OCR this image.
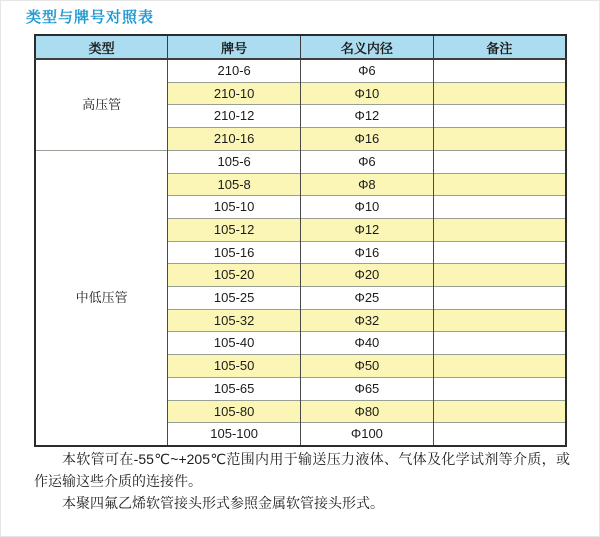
类型与牌号对照表
类型	牌号	名义内径	备注
高压管	210-6	Φ6	
	210-10	Φ10	
	210-12	Φ12	
	210-16	Φ16	
中低压管	105-6	Φ6	
	105-8	Φ8	
	105-10	Φ10	
	105-12	Φ12	
	105-16	Φ16	
	105-20	Φ20	
	105-25	Φ25	
	105-32	Φ32	
	105-40	Φ40	
	105-50	Φ50	
	105-65	Φ65	
	105-80	Φ80	
	105-100	Φ100	

本软管可在-55℃~+205℃范围内用于输送压力液体、气体及化学试剂等介质，或作运输这些介质的连接件。

本聚四氟乙烯软管接头形式参照金属软管接头形式。
